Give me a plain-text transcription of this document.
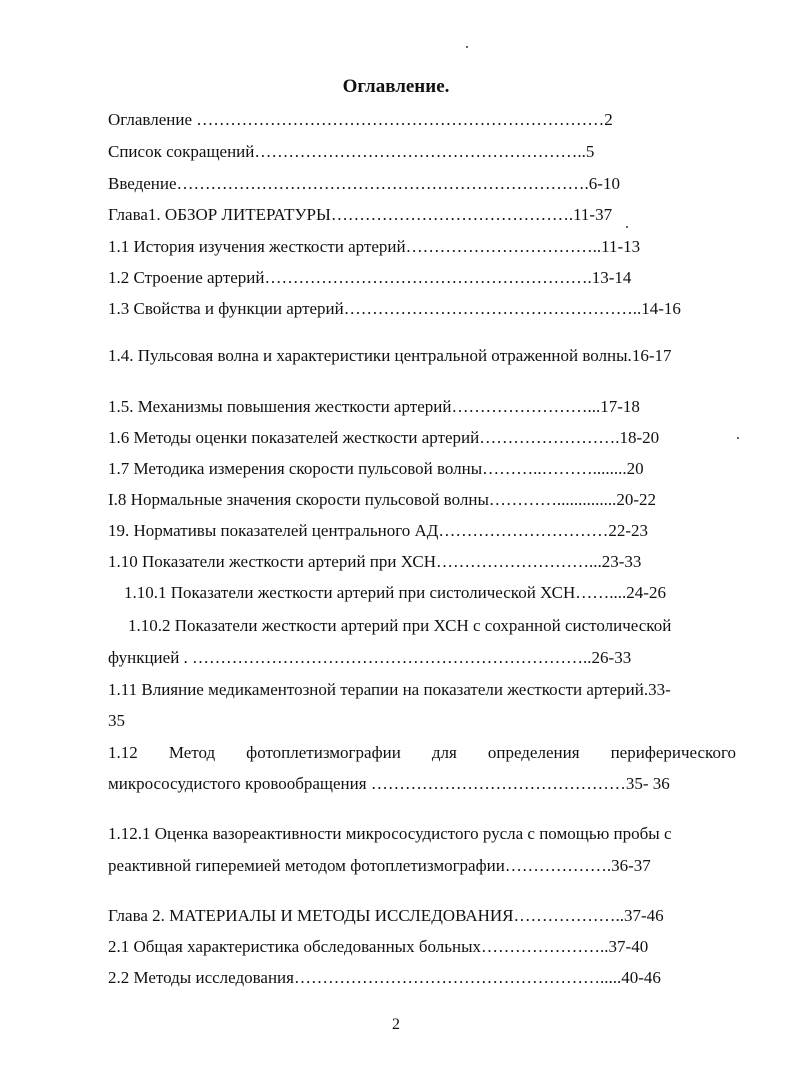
Оглавление.
Оглавление ………………………………………………………………2
Список сокращений…………………………………………………..5
Введение……………………………………………………………….6-10
Глава1. ОБЗОР ЛИТЕРАТУРЫ…………………………………….11-37
1.1 История изучения жесткости артерий……………………………..11-13
1.2 Строение артерий………………………………………………….13-14
1.3 Свойства и функции артерий……………………………………………..14-16
1.4. Пульсовая волна и характеристики центральной отраженной волны.16-17
1.5. Механизмы повышения жесткости артерий……………………...17-18
1.6 Методы оценки показателей жесткости артерий…………………….18-20
1.7 Методика измерения скорости пульсовой волны………..………........20
I.8 Нормальные значения скорости пульсовой волны…………..............20-22
19. Нормативы показателей центрального АД…………………………22-23
1.10 Показатели жесткости артерий при ХСН………………………...23-33
1.10.1 Показатели жесткости артерий при систолической ХСН……....24-26
1.10.2 Показатели жесткости артерий при ХСН с сохранной систолической
функцией . ……………………………………………………………..26-33
1.11 Влияние медикаментозной терапии на показатели жесткости артерий.33-
35
1.12 Метод фотоплетизмографии для определения периферического
микрососудистого кровообращения ………………………………………35- 36
1.12.1 Оценка вазореактивности микрососудистого русла с помощью пробы с
реактивной гиперемией методом фотоплетизмографии……………….36-37
Глава 2. МАТЕРИАЛЫ И МЕТОДЫ ИССЛЕДОВАНИЯ………………..37-46
2.1 Общая характеристика обследованных больных…………………..37-40
2.2 Методы исследования……………………………………………….....40-46
2
